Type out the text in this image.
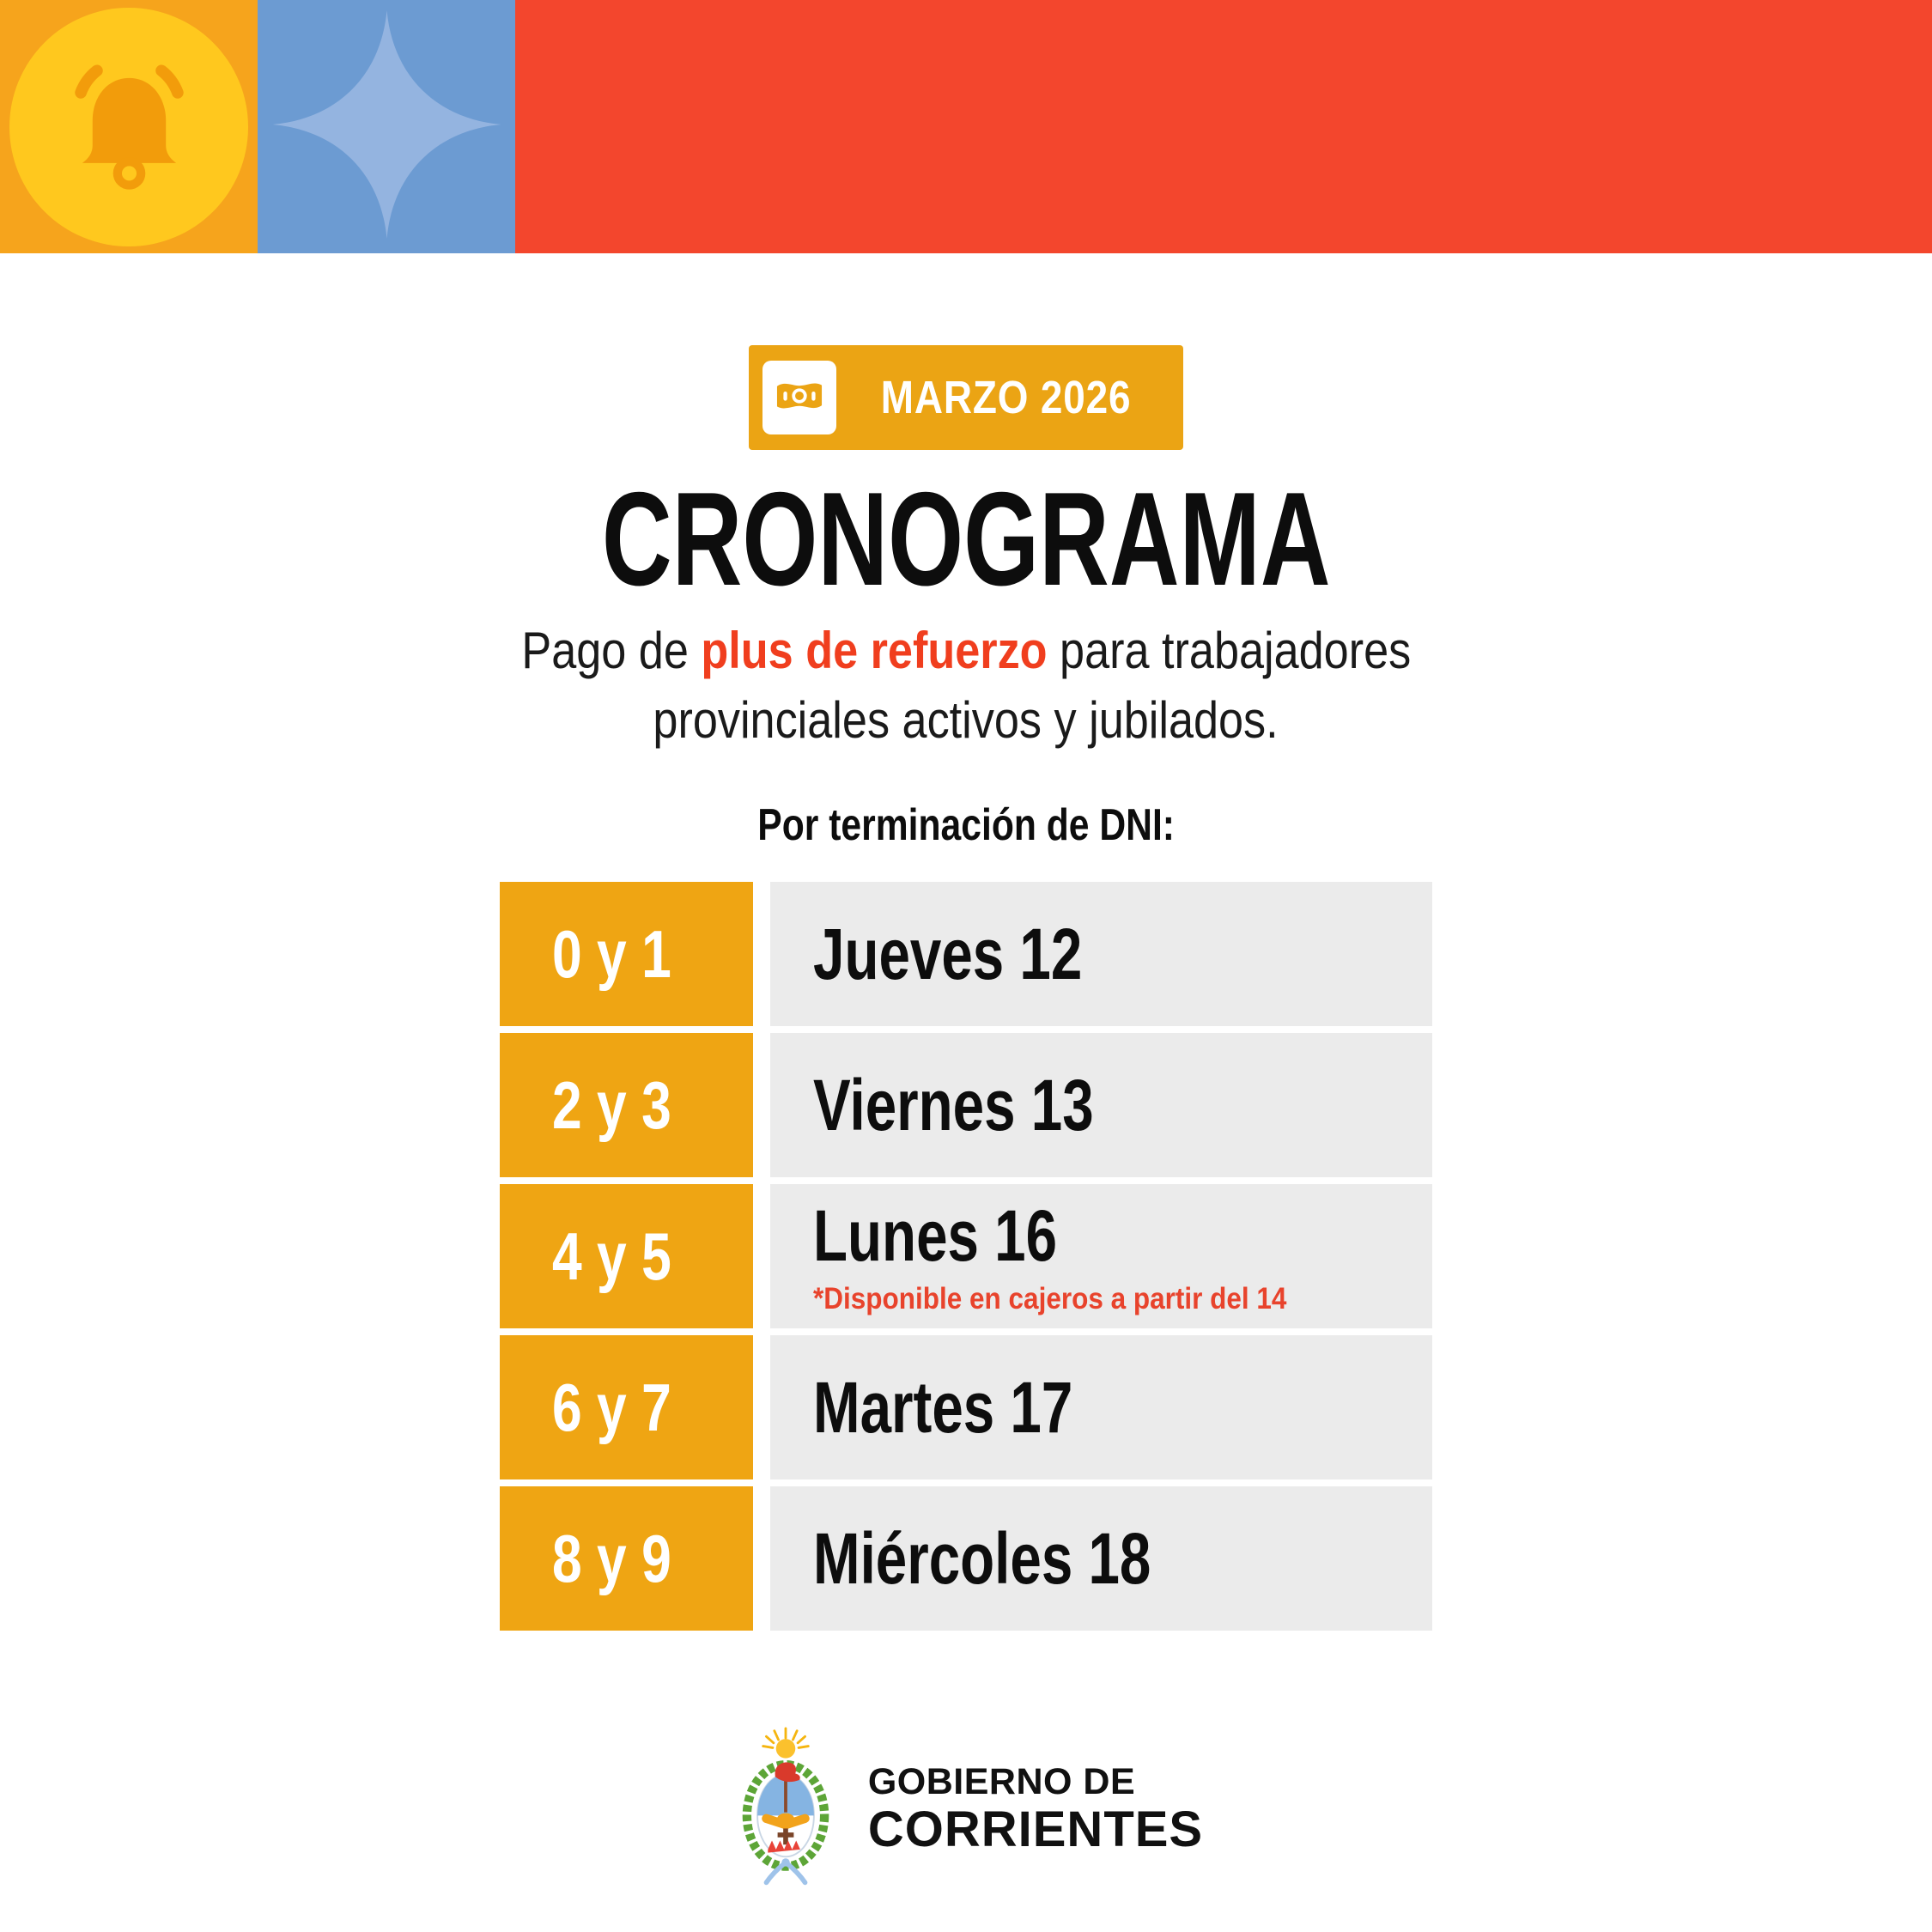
MARZO 2026
CRONOGRAMA
Pago de plus de refuerzo para trabajadores
provinciales activos y jubilados.
Por terminación de DNI:
0 y 1 Jueves 12
2 y 3 Viernes 13
4 y 5 Lunes 16
*Disponible en cajeros a partir del 14
6 y 7 Martes 17
8 y 9 Miércoles 18
GOBIERNO DE
CORRIENTES
